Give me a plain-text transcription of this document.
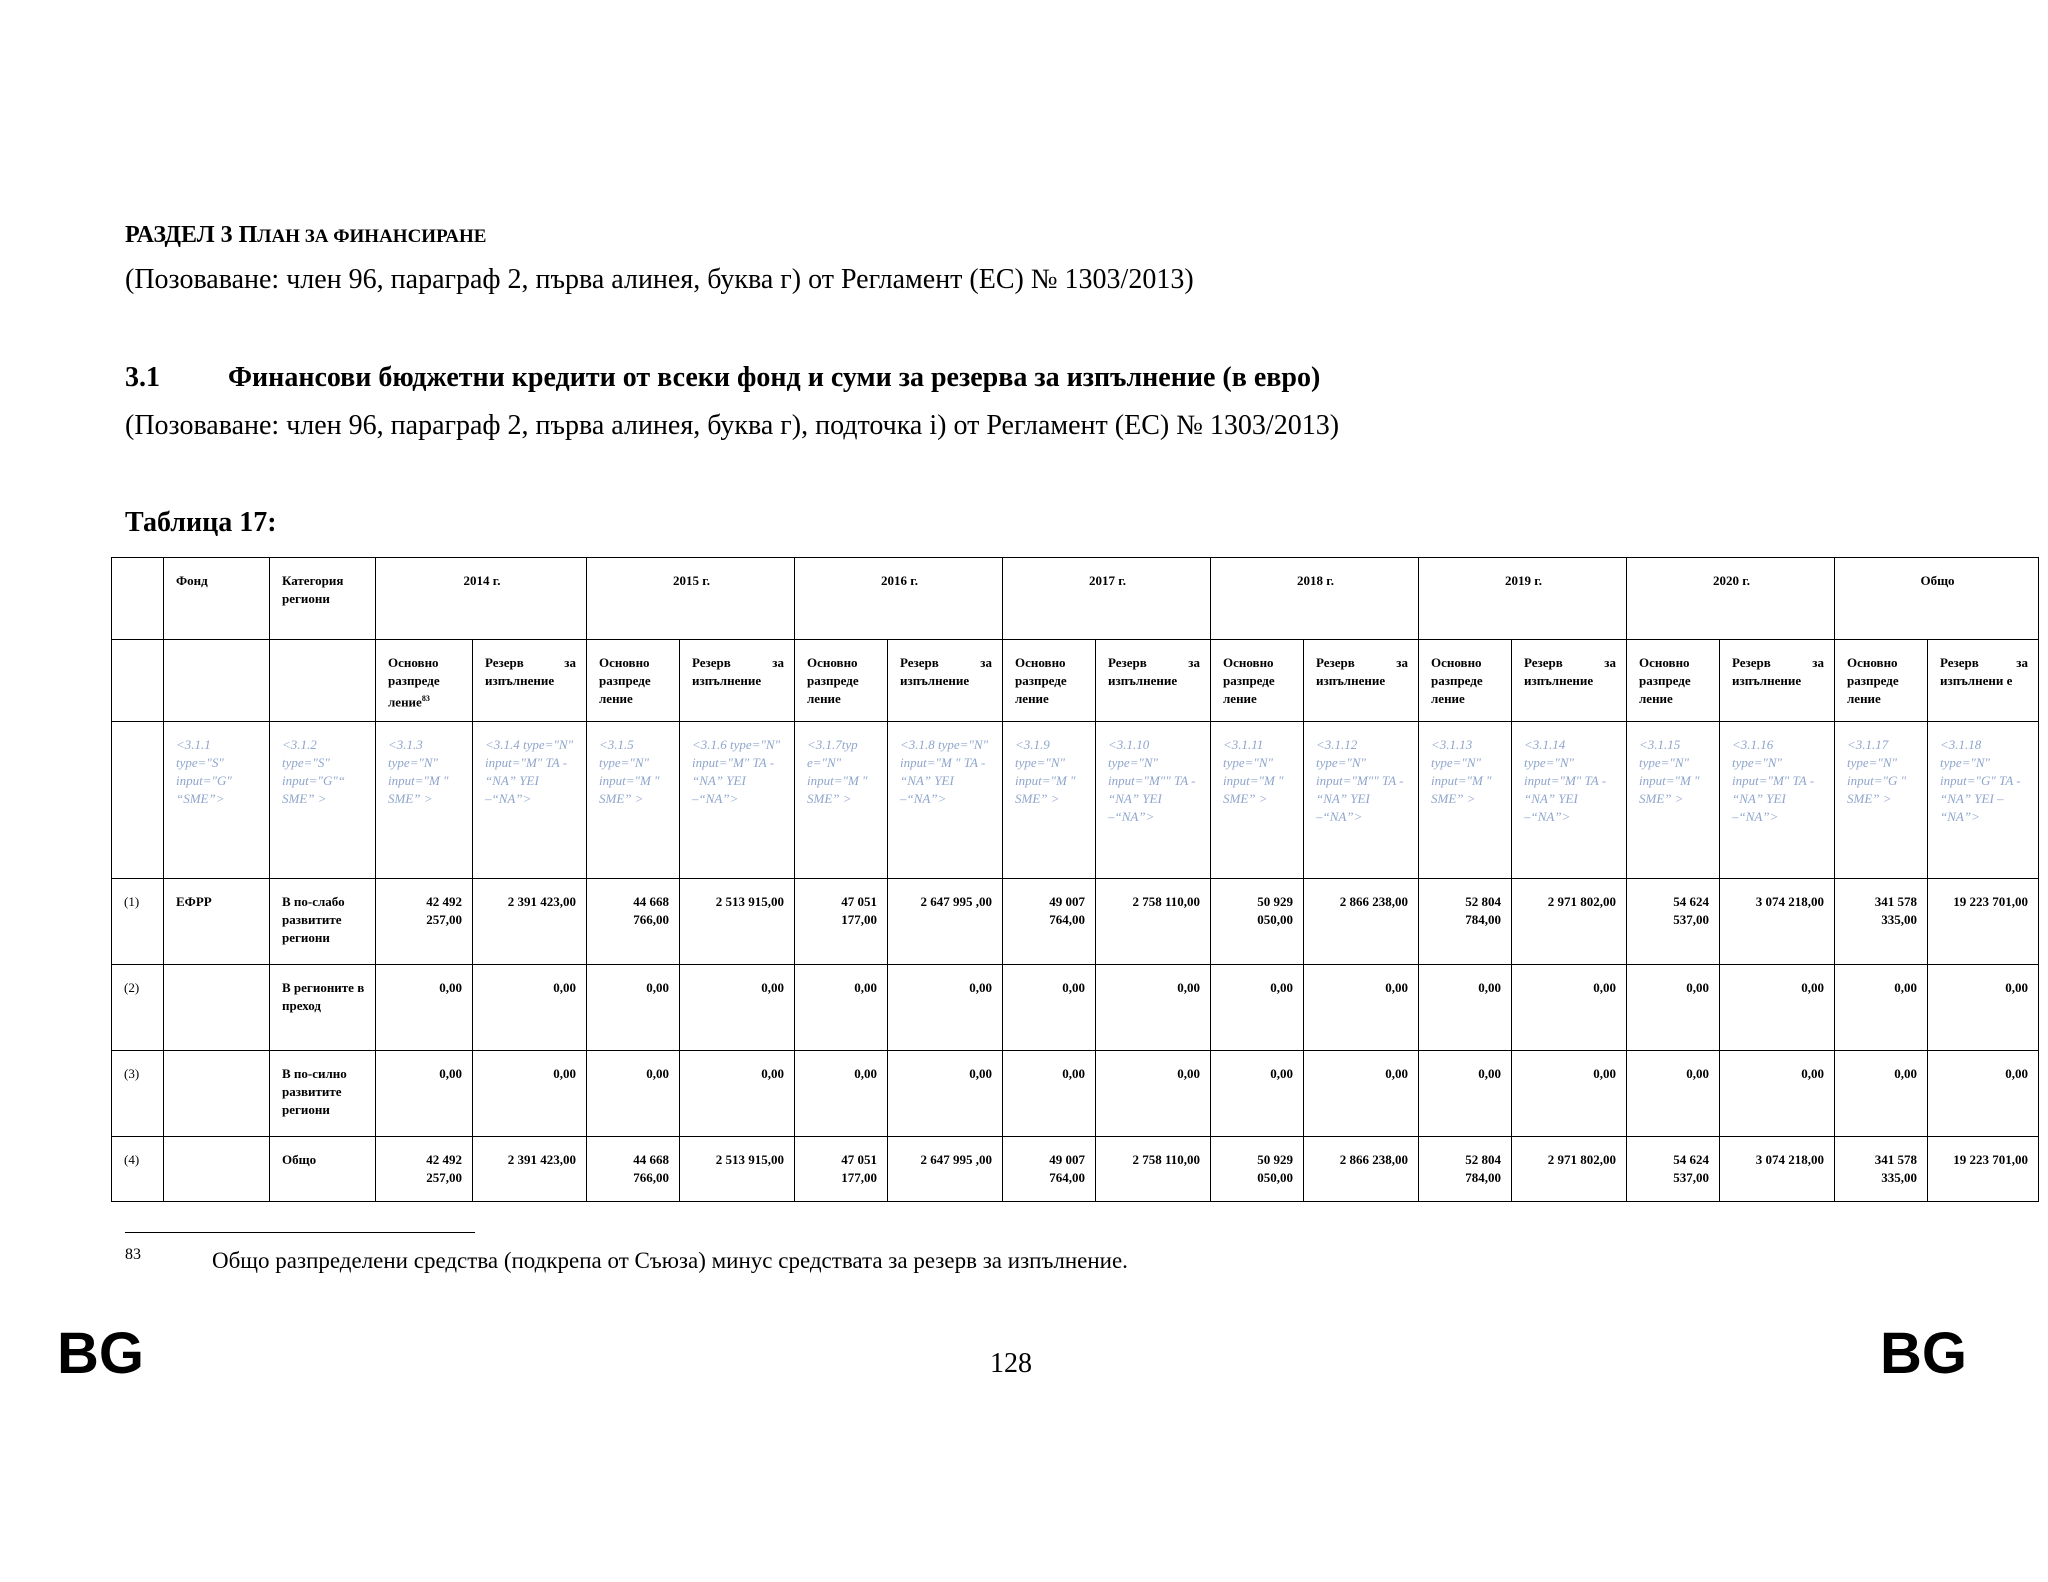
РАЗДЕЛ 3 ПЛАН ЗА ФИНАНСИРАНЕ
(Позоваване: член 96, параграф 2, първа алинея, буква г) от Регламент (ЕС) № 1303/2013)
3.1 Финансови бюджетни кредити от всеки фонд и суми за резерва за изпълнение (в евро)
(Позоваване: член 96, параграф 2, първа алинея, буква г), подточка i) от Регламент (ЕС) № 1303/2013)
Таблица 17:
	Фонд	Категория региони	2014 г.		2015 г.		2016 г.		2017 г.		2018 г.		2019 г.		2020 г.		Общо	
			Основно разпреде ление$^{83}$	Резерв за изпълнение	Основно разпреде ление	Резерв за изпълнение	Основно разпреде ление	Резерв за изпълнение	Основно разпреде ление	Резерв за изпълнение	Основно разпреде ление	Резерв за изпълнение	Основно разпреде ление	Резерв за изпълнение	Основно разпреде ление	Резерв за изпълнение	Основно разпреде ление	Резерв за изпълнени е
	<3.1.1 type="S" input="G" “SME”>	<3.1.2 type="S" input="G"“ SME” >	<3.1.3 type="N" input="M " SME” >	<3.1.4 type="N" input="M" TA - “NA” YEI –“NA”>	<3.1.5 type="N" input="M " SME” >	<3.1.6 type="N" input="M" TA - “NA” YEI –“NA”>	<3.1.7typ e="N" input="M " SME” >	<3.1.8 type="N" input="M " TA - “NA” YEI –“NA”>	<3.1.9 type="N" input="M " SME” >	<3.1.10 type="N" input="M"" TA - “NA” YEI –“NA”>	<3.1.11 type="N" input="M " SME” >	<3.1.12 type="N" input="M"" TA - “NA” YEI –“NA”>	<3.1.13 type="N" input="M " SME” >	<3.1.14 type="N" input="M" TA - “NA” YEI –“NA”>	<3.1.15 type="N" input="M " SME” >	<3.1.16 type="N" input="M" TA - “NA” YEI –“NA”>	<3.1.17 type="N" input="G " SME” >	<3.1.18 type="N" input="G" TA - “NA” YEI – “NA”>
(1)	ЕФРР	В по-слабо развитите региони	42 492 257,00	2 391 423,00	44 668 766,00	2 513 915,00	47 051 177,00	2 647 995 ,00	49 007 764,00	2 758 110,00	50 929 050,00	2 866 238,00	52 804 784,00	2 971 802,00	54 624 537,00	3 074 218,00	341 578 335,00	19 223 701,00
(2)		В регионите в преход	0,00	0,00	0,00	0,00	0,00	0,00	0,00	0,00	0,00	0,00	0,00	0,00	0,00	0,00	0,00	0,00
(3)		В по-силно развитите региони	0,00	0,00	0,00	0,00	0,00	0,00	0,00	0,00	0,00	0,00	0,00	0,00	0,00	0,00	0,00	0,00
(4)		Общо	42 492 257,00	2 391 423,00	44 668 766,00	2 513 915,00	47 051 177,00	2 647 995 ,00	49 007 764,00	2 758 110,00	50 929 050,00	2 866 238,00	52 804 784,00	2 971 802,00	54 624 537,00	3 074 218,00	341 578 335,00	19 223 701,00
83	Общо разпределени средства (подкрепа от Съюза) минус средствата за резерв за изпълнение.
BG	128	BG
